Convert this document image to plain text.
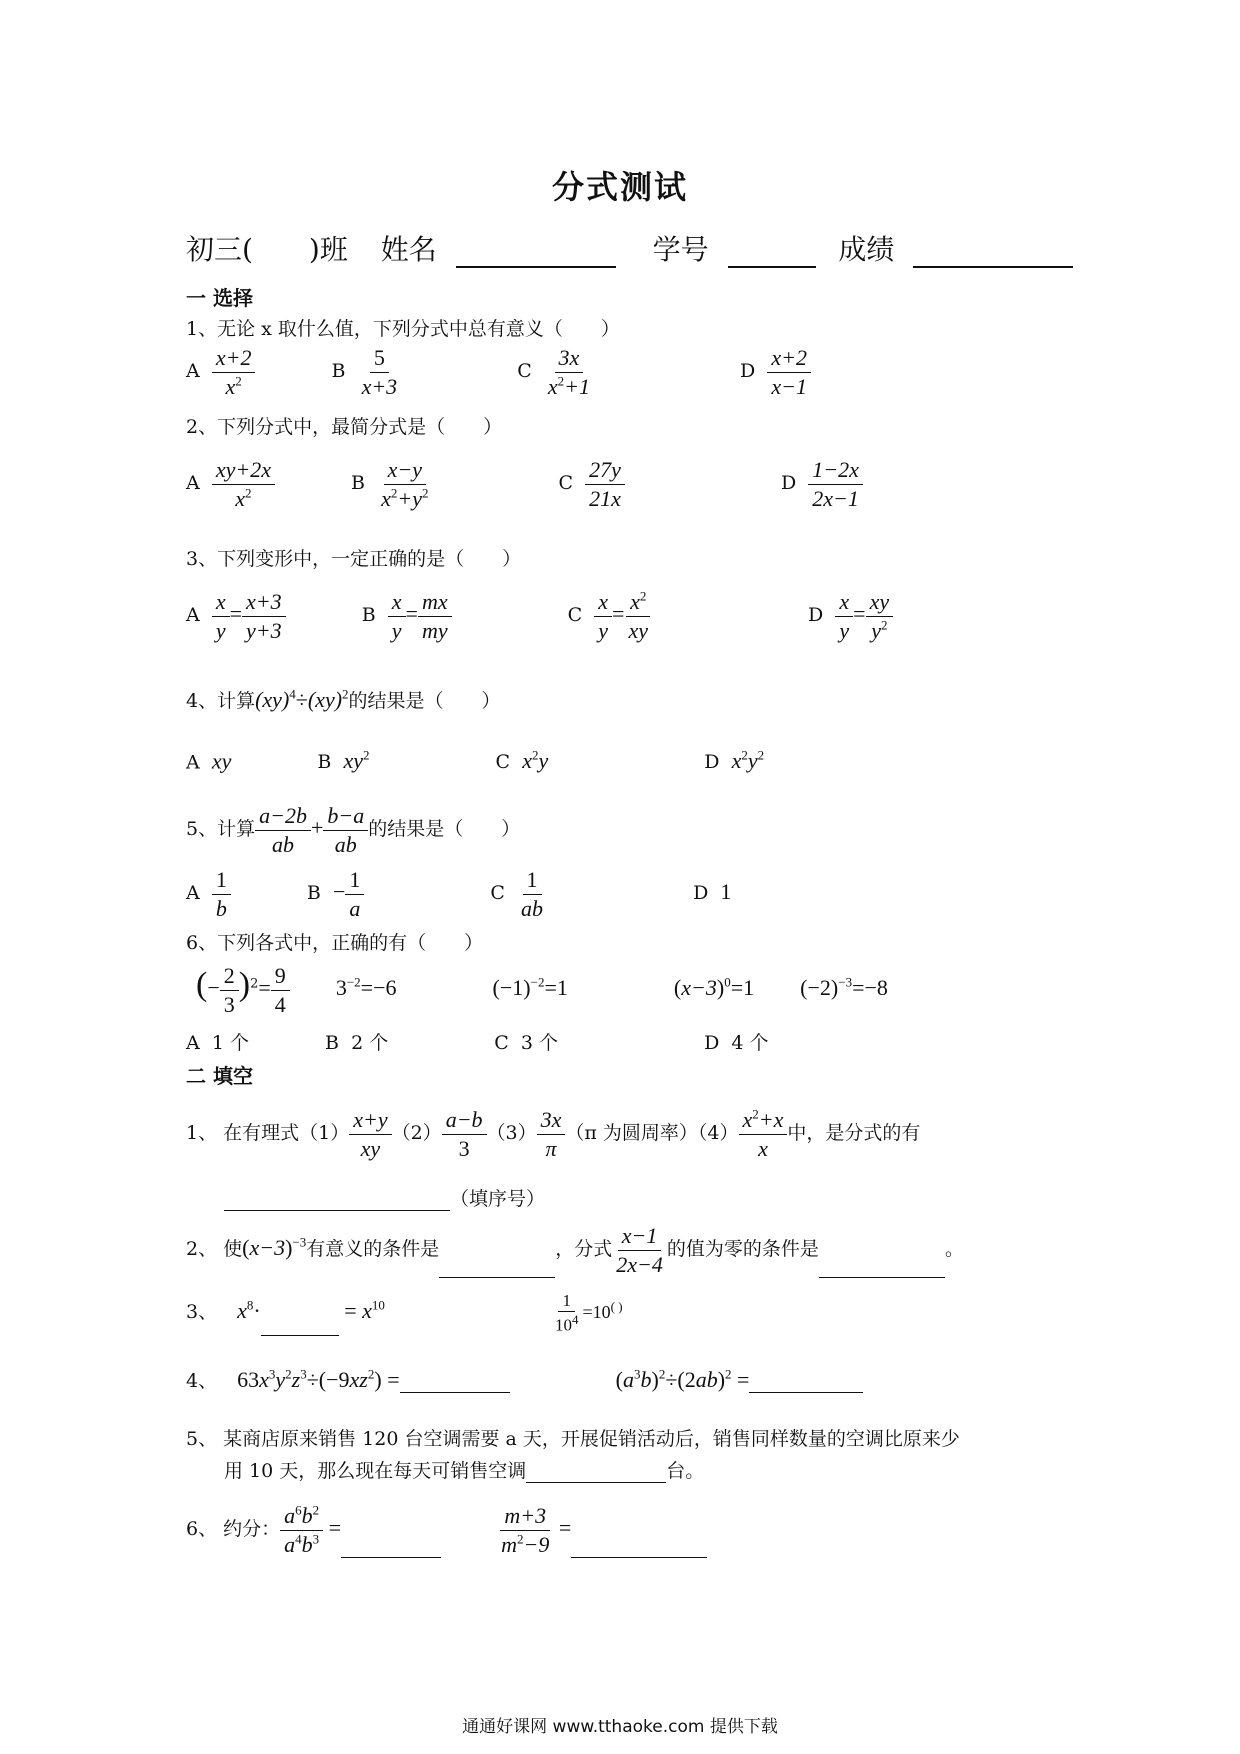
分式测试
初三(　　)班 姓名	学号	成绩
一 选择
1、无论 x 取什么值，下列分式中总有意义（　　）
A $\frac{x+2}{x^2}$	B $\frac{5}{x+3}$	C $\frac{3x}{x^2+1}$	D $\frac{x+2}{x-1}$
2、下列分式中，最简分式是（　　）
A $\frac{xy+2x}{x^2}$	B $\frac{x-y}{x^2+y^2}$	C $\frac{27y}{21x}$	D $\frac{1-2x}{2x-1}$
3、下列变形中，一定正确的是（　　）
A $\frac{x}{y} = \frac{x+3}{y+3}$	B $\frac{x}{y} = \frac{mx}{my}$	C $\frac{x}{y} = \frac{x^2}{xy}$	D $\frac{x}{y} = \frac{xy}{y^2}$
4、计算(xy)$^4$÷(xy)$^2$的结果是（　　）
A xy	B $xy^2$	C $x^2y$	D $x^2y^2$
5、计算 $\frac{a-2b}{ab} + \frac{b-a}{ab}$ 的结果是（　　）
A $\frac{1}{b}$	$B - \frac{1}{a}$	C $\frac{1}{ab}$	D 1
6、下列各式中，正确的有（　　）
(− $\frac{2}{3} )^2= \frac{9}{4} 3^{-2}=-6$	$(-1)^{-2}=1$	$(x-3)^0=1$ $(-2)^{-3}=-8$
A 1 个	B 2 个	C 3 个	D 4 个
二 填空
1、 在有理式$(1) \frac{x+y}{xy} (2) \frac{a-b}{3} (3) \frac{3x}{\pi} (\pi$ 为圆周率）$(4) \frac{x^2+x}{x}$ 中，是分式的有
（填序号）
2、 使$(x-3)^{-3}$有意义的条件是	，分式 $\frac{x-1}{2x-4}$ 的值为零的条件是	。
3、 $x^8\cdot$	= $x^{10}$	$\frac{1}{10^4} =10^{( )}$
4、 $63x^3y^2z^3\div(-9xz^2)$ =	$(a^3b)^2\div(2ab)^2$ =
5、 某商店原来销售 120 台空调需要 a 天，开展促销活动后，销售同样数量的空调比原来少
用 10 天，那么现在每天可销售空调	台。
6、 约分： $\frac{a^6b^2}{a^4b^3}$ =	$\frac{m+3}{m^2-9}$ =
通通好课网 www.tthaoke.com 提供下载
